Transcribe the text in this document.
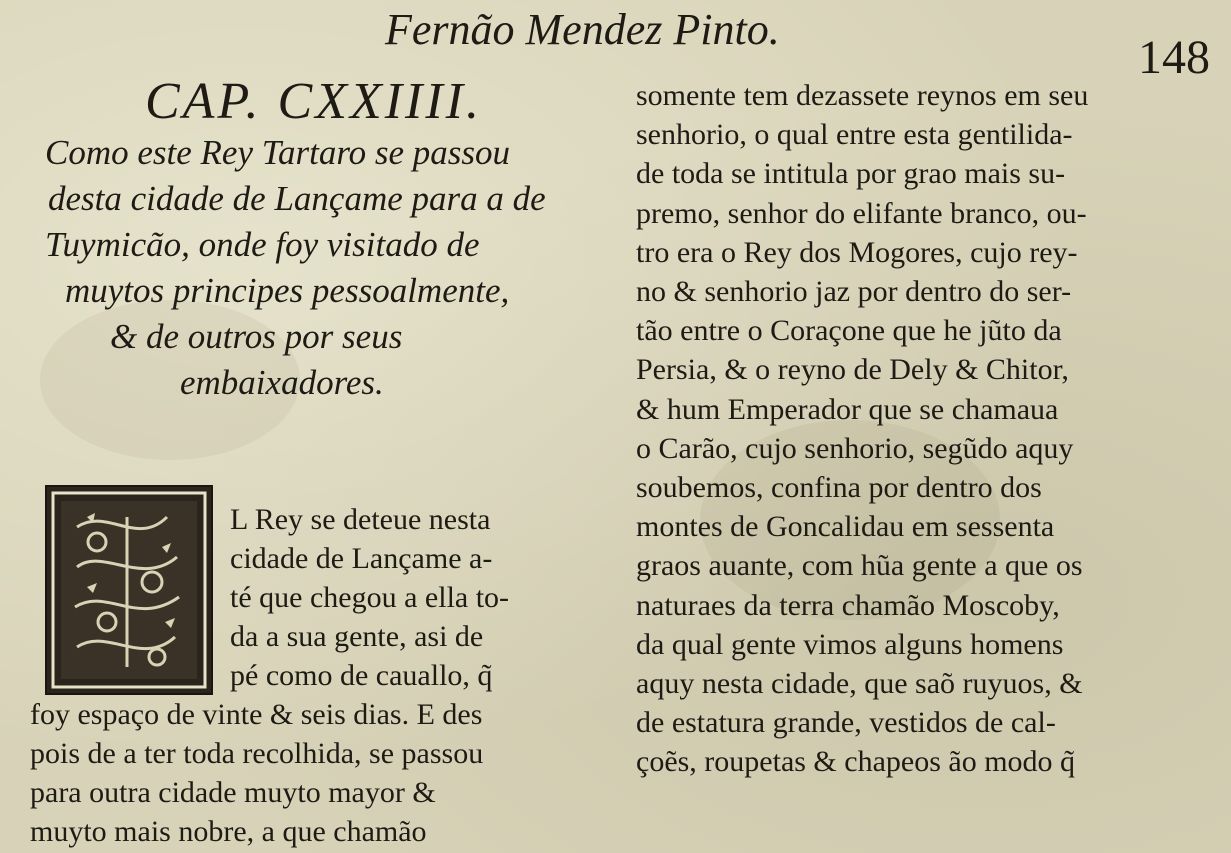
Fernão Mendez Pinto.
148
CAP. CXXIIII.
Como este Rey Tartaro se passou
desta cidade de Lançame para a de
Tuymicão, onde foy visitado de
muytos principes pessoalmente,
& de outros por seus
embaixadores.
L Rey se deteue nesta
cidade de Lançame a-
té que chegou a ella to-
da a sua gente, asi de
pé como de cauallo, q̃
foy espaço de vinte & seis dias. E des
pois de a ter toda recolhida, se passou
para outra cidade muyto mayor &
muyto mais nobre, a que chamão
somente tem dezassete reynos em seu
senhorio, o qual entre esta gentilida-
de toda se intitula por grao mais su-
premo, senhor do elifante branco, ou-
tro era o Rey dos Mogores, cujo rey-
no & senhorio jaz por dentro do ser-
tão entre o Coraçone que he jũto da
Persia, & o reyno de Dely & Chitor,
& hum Emperador que se chamaua
o Carão, cujo senhorio, segũdo aquy
soubemos, confina por dentro dos
montes de Goncalidau em sessenta
graos auante, com hũa gente a que os
naturaes da terra chamão Moscoby,
da qual gente vimos alguns homens
aquy nesta cidade, que saõ ruyuos, &
de estatura grande, vestidos de cal-
çoẽs, roupetas & chapeos ão modo q̃
